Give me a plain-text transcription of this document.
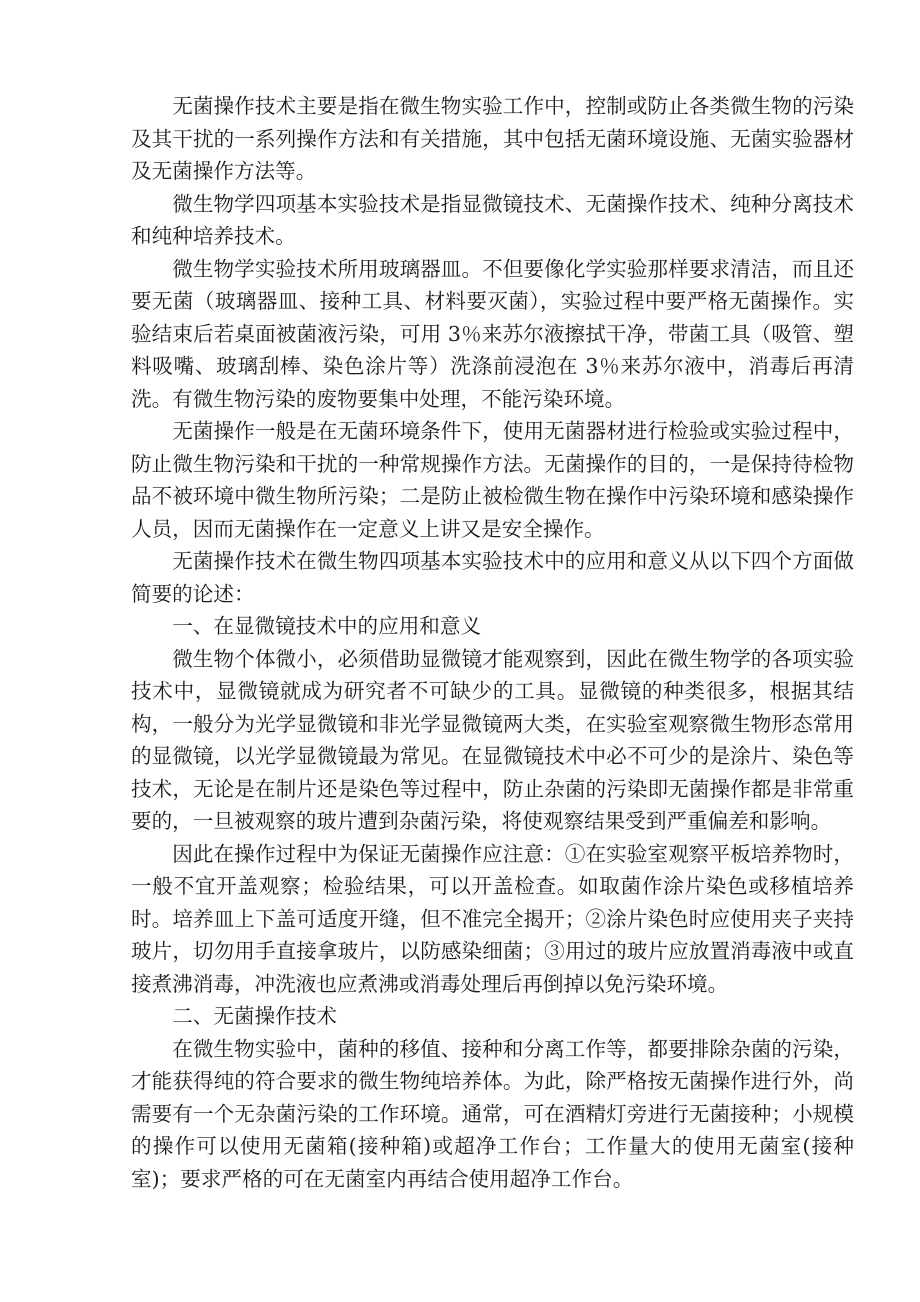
无菌操作技术主要是指在微生物实验工作中，控制或防止各类微生物的污染及其干扰的一系列操作方法和有关措施，其中包括无菌环境设施、无菌实验器材及无菌操作方法等。

微生物学四项基本实验技术是指显微镜技术、无菌操作技术、纯种分离技术和纯种培养技术。

微生物学实验技术所用玻璃器皿。不但要像化学实验那样要求清洁，而且还要无菌（玻璃器皿、接种工具、材料要灭菌），实验过程中要严格无菌操作。实验结束后若桌面被菌液污染，可用 3％来苏尔液擦拭干净，带菌工具（吸管、塑料吸嘴、玻璃刮棒、染色涂片等）洗涤前浸泡在 3％来苏尔液中，消毒后再清洗。有微生物污染的废物要集中处理，不能污染环境。

无菌操作一般是在无菌环境条件下，使用无菌器材进行检验或实验过程中，防止微生物污染和干扰的一种常规操作方法。无菌操作的目的，一是保持待检物品不被环境中微生物所污染；二是防止被检微生物在操作中污染环境和感染操作人员，因而无菌操作在一定意义上讲又是安全操作。

无菌操作技术在微生物四项基本实验技术中的应用和意义从以下四个方面做简要的论述：

一、在显微镜技术中的应用和意义

微生物个体微小，必须借助显微镜才能观察到，因此在微生物学的各项实验技术中，显微镜就成为研究者不可缺少的工具。显微镜的种类很多，根据其结构，一般分为光学显微镜和非光学显微镜两大类，在实验室观察微生物形态常用的显微镜，以光学显微镜最为常见。在显微镜技术中必不可少的是涂片、染色等技术，无论是在制片还是染色等过程中，防止杂菌的污染即无菌操作都是非常重要的，一旦被观察的玻片遭到杂菌污染，将使观察结果受到严重偏差和影响。

因此在操作过程中为保证无菌操作应注意：①在实验室观察平板培养物时，一般不宜开盖观察；检验结果，可以开盖检查。如取菌作涂片染色或移植培养时。培养皿上下盖可适度开缝，但不准完全揭开；②涂片染色时应使用夹子夹持玻片，切勿用手直接拿玻片，以防感染细菌；③用过的玻片应放置消毒液中或直接煮沸消毒，冲洗液也应煮沸或消毒处理后再倒掉以免污染环境。

二、无菌操作技术

在微生物实验中，菌种的移值、接种和分离工作等，都要排除杂菌的污染，才能获得纯的符合要求的微生物纯培养体。为此，除严格按无菌操作进行外，尚需要有一个无杂菌污染的工作环境。通常，可在酒精灯旁进行无菌接种；小规模的操作可以使用无菌箱(接种箱)或超净工作台；工作量大的使用无菌室(接种室)；要求严格的可在无菌室内再结合使用超净工作台。
